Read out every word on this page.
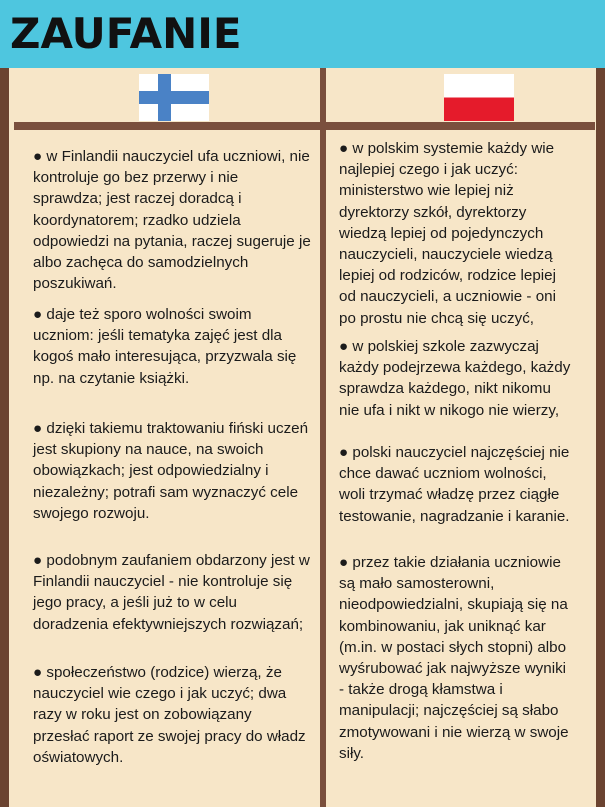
ZAUFANIE
● w Finlandii nauczyciel ufa uczniowi, nie kontroluje go bez przerwy i nie sprawdza; jest raczej doradcą i koordynatorem; rzadko udziela odpowiedzi na pytania, raczej sugeruje je albo zachęca do samodzielnych poszukiwań.
● daje też sporo wolności swoim uczniom: jeśli tematyka zajęć jest dla kogoś mało interesująca, przyzwala się np. na czytanie książki.
● dzięki takiemu traktowaniu fiński uczeń jest skupiony na nauce, na swoich obowiązkach; jest odpowiedzialny i niezależny; potrafi sam wyznaczyć cele swojego rozwoju.
● podobnym zaufaniem obdarzony jest w Finlandii nauczyciel - nie kontroluje się jego pracy, a jeśli już to w celu doradzenia efektywniejszych rozwiązań;
● społeczeństwo (rodzice) wierzą, że nauczyciel wie czego i jak uczyć; dwa razy w roku jest on zobowiązany przesłać raport ze swojej pracy do władz oświatowych.
● w polskim systemie każdy wie najlepiej czego i jak uczyć: ministerstwo wie lepiej niż dyrektorzy szkół, dyrektorzy wiedzą lepiej od pojedynczych nauczycieli, nauczyciele wiedzą lepiej od rodziców, rodzice lepiej od nauczycieli, a uczniowie - oni po prostu nie chcą się uczyć,
● w polskiej szkole zazwyczaj każdy podejrzewa każdego, każdy sprawdza każdego, nikt nikomu nie ufa i nikt w nikogo nie wierzy,
● polski nauczyciel najczęściej nie chce dawać uczniom wolności, woli trzymać władzę przez ciągłe testowanie, nagradzanie i karanie.
● przez takie działania uczniowie są mało samosterowni, nieodpowiedzialni, skupiają się na kombinowaniu, jak uniknąć kar (m.in. w postaci słych stopni) albo wyśrubować jak najwyższe wyniki - także drogą kłamstwa i manipulacji; najczęściej są słabo zmotywowani i nie wierzą w swoje siły.
